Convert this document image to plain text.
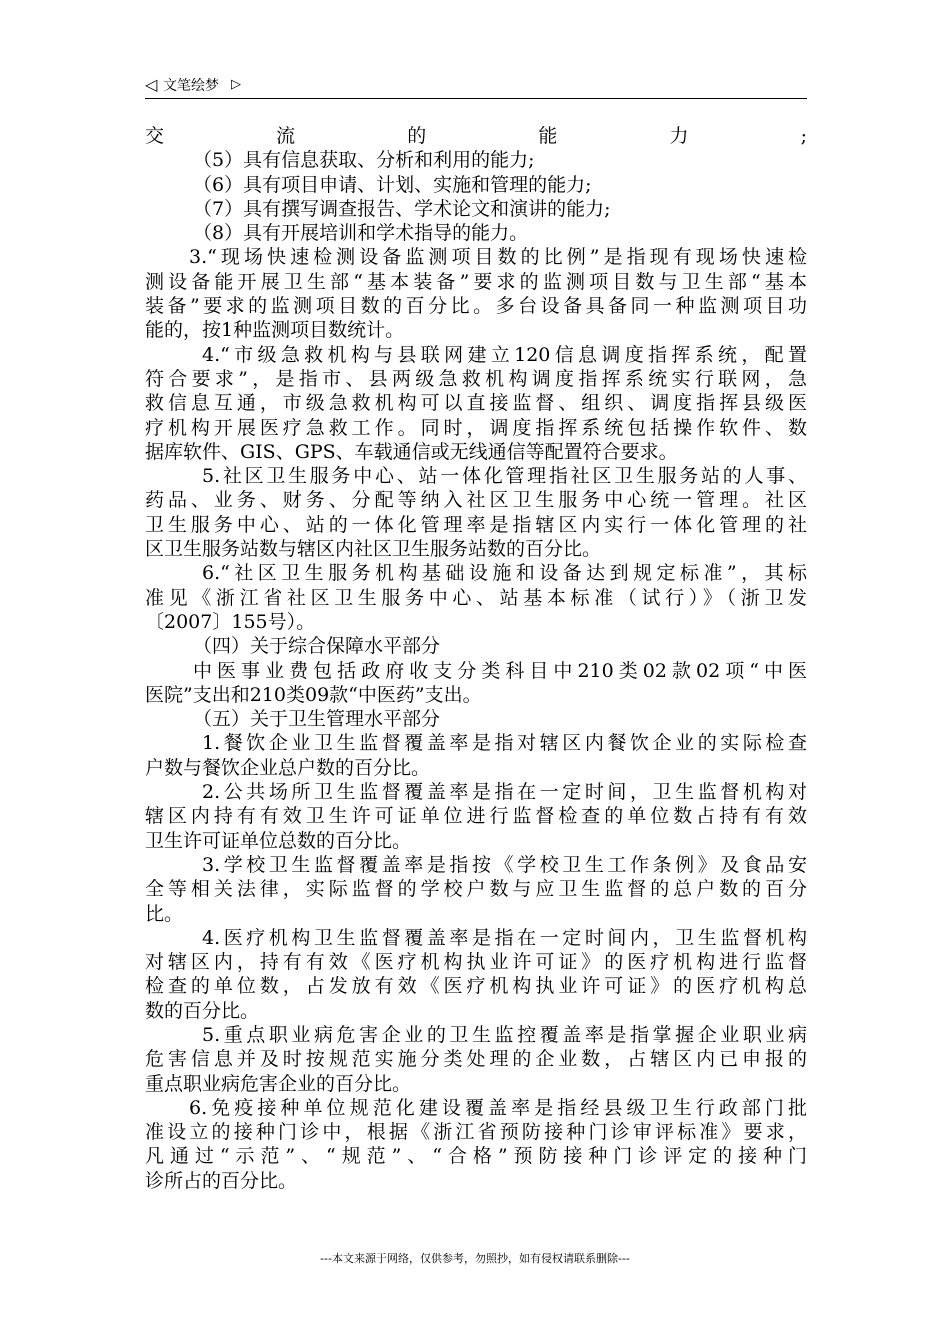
◁ 文笔绘梦 ▷
交流的能力;
（5）具有信息获取、分析和利用的能力;
（6）具有项目申请、计划、实施和管理的能力;
（7）具有撰写调查报告、学术论文和演讲的能力;
（8）具有开展培训和学术指导的能力。
3.“现场快速检测设备监测项目数的比例”是指现有现场快速检
测设备能开展卫生部“基本装备”要求的监测项目数与卫生部“基本
装备”要求的监测项目数的百分比。多台设备具备同一种监测项目功
能的，按1种监测项目数统计。
4.“市级急救机构与县联网建立120信息调度指挥系统，配置
符合要求”，是指市、县两级急救机构调度指挥系统实行联网，急
救信息互通，市级急救机构可以直接监督、组织、调度指挥县级医
疗机构开展医疗急救工作。同时，调度指挥系统包括操作软件、数
据库软件、GIS、GPS、车载通信或无线通信等配置符合要求。
5.社区卫生服务中心、站一体化管理指社区卫生服务站的人事、
药品、业务、财务、分配等纳入社区卫生服务中心统一管理。社区
卫生服务中心、站的一体化管理率是指辖区内实行一体化管理的社
区卫生服务站数与辖区内社区卫生服务站数的百分比。
6.“社区卫生服务机构基础设施和设备达到规定标准”，其标
准见《浙江省社区卫生服务中心、站基本标准（试行）》（浙卫发
〔2007〕155号）。
（四）关于综合保障水平部分
中医事业费包括政府收支分类科目中210类02款02项“中医
医院”支出和210类09款“中医药”支出。
（五）关于卫生管理水平部分
1.餐饮企业卫生监督覆盖率是指对辖区内餐饮企业的实际检查
户数与餐饮企业总户数的百分比。
2.公共场所卫生监督覆盖率是指在一定时间，卫生监督机构对
辖区内持有有效卫生许可证单位进行监督检查的单位数占持有有效
卫生许可证单位总数的百分比。
3.学校卫生监督覆盖率是指按《学校卫生工作条例》及食品安
全等相关法律，实际监督的学校户数与应卫生监督的总户数的百分
比。
4.医疗机构卫生监督覆盖率是指在一定时间内，卫生监督机构
对辖区内，持有有效《医疗机构执业许可证》的医疗机构进行监督
检查的单位数，占发放有效《医疗机构执业许可证》的医疗机构总
数的百分比。
5.重点职业病危害企业的卫生监控覆盖率是指掌握企业职业病
危害信息并及时按规范实施分类处理的企业数，占辖区内已申报的
重点职业病危害企业的百分比。
6.免疫接种单位规范化建设覆盖率是指经县级卫生行政部门批
准设立的接种门诊中，根据《浙江省预防接种门诊审评标准》要求，
凡通过“示范”、“规范”、“合格”预防接种门诊评定的接种门
诊所占的百分比。
---本文来源于网络，仅供参考，勿照抄，如有侵权请联系删除---
